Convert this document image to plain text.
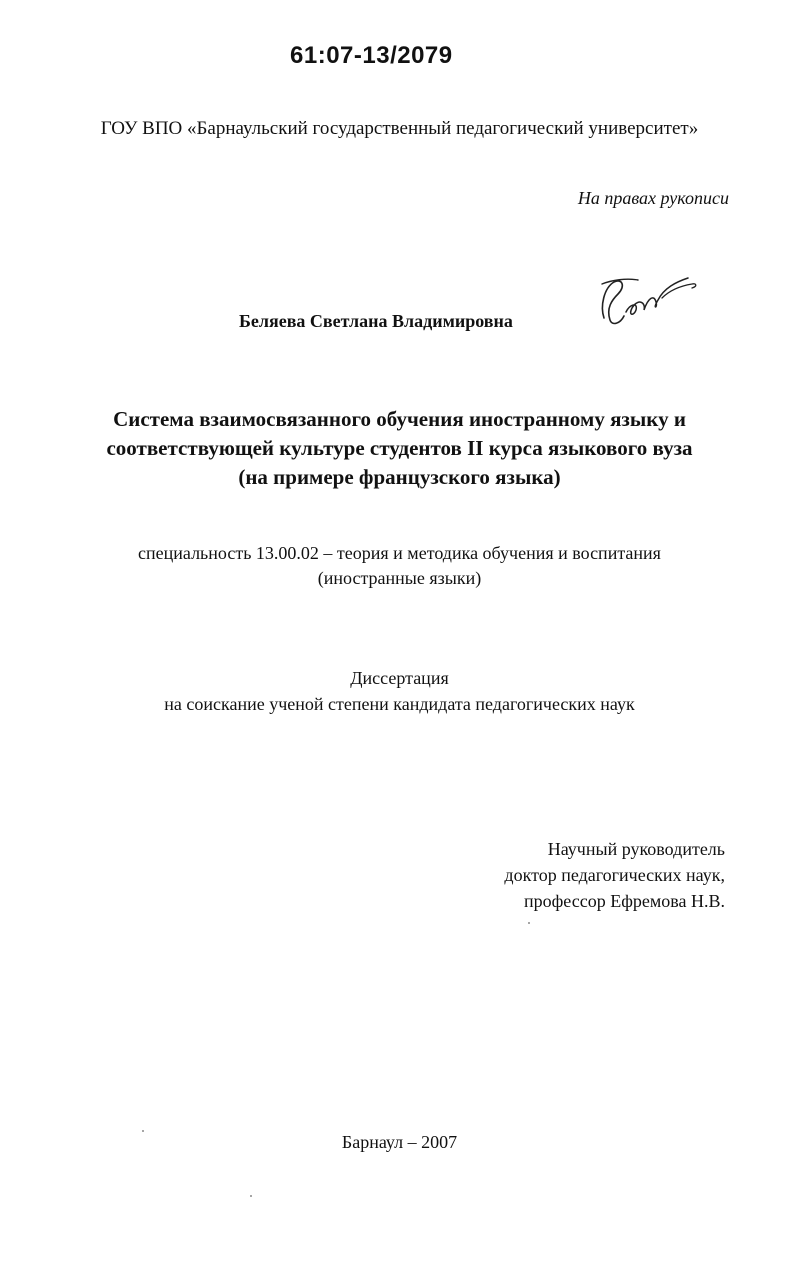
61:07-13/2079
ГОУ ВПО «Барнаульский государственный педагогический университет»
На правах рукописи
Беляева Светлана Владимировна
Система взаимосвязанного обучения иностранному языку и
соответствующей культуре студентов II курса языкового вуза
(на примере французского языка)
специальность 13.00.02 – теория и методика обучения и воспитания
(иностранные языки)
Диссертация
на соискание ученой степени кандидата педагогических наук
Научный руководитель
доктор педагогических наук,
профессор Ефремова Н.В.
Барнаул – 2007
